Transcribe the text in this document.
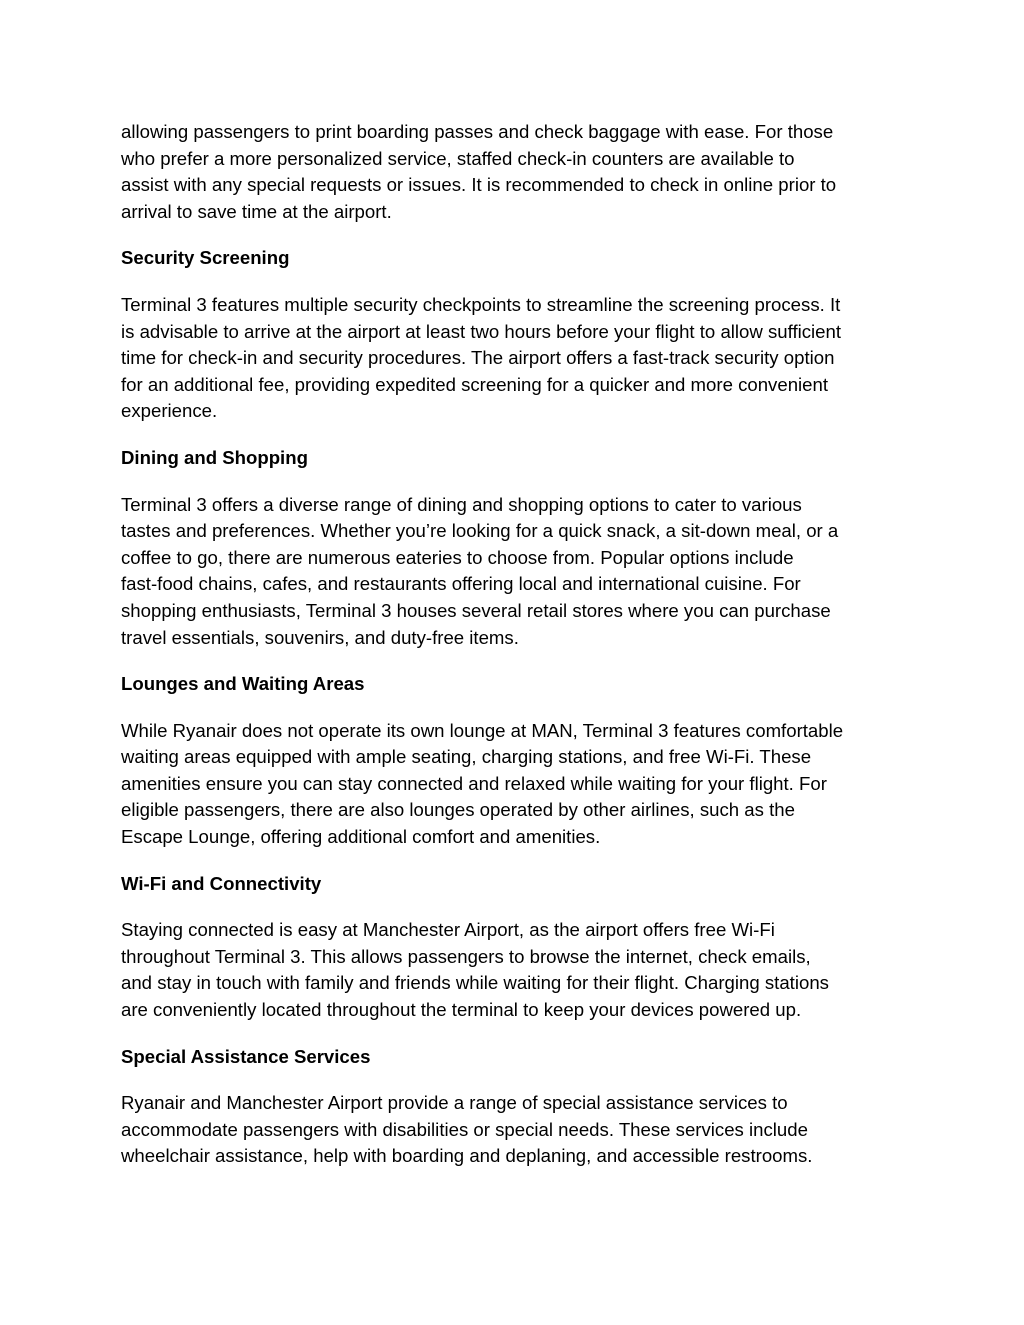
allowing passengers to print boarding passes and check baggage with ease. For those
who prefer a more personalized service, staffed check-in counters are available to
assist with any special requests or issues. It is recommended to check in online prior to
arrival to save time at the airport.
Security Screening
Terminal 3 features multiple security checkpoints to streamline the screening process. It
is advisable to arrive at the airport at least two hours before your flight to allow sufficient
time for check-in and security procedures. The airport offers a fast-track security option
for an additional fee, providing expedited screening for a quicker and more convenient
experience.
Dining and Shopping
Terminal 3 offers a diverse range of dining and shopping options to cater to various
tastes and preferences. Whether you’re looking for a quick snack, a sit-down meal, or a
coffee to go, there are numerous eateries to choose from. Popular options include
fast-food chains, cafes, and restaurants offering local and international cuisine. For
shopping enthusiasts, Terminal 3 houses several retail stores where you can purchase
travel essentials, souvenirs, and duty-free items.
Lounges and Waiting Areas
While Ryanair does not operate its own lounge at MAN, Terminal 3 features comfortable
waiting areas equipped with ample seating, charging stations, and free Wi-Fi. These
amenities ensure you can stay connected and relaxed while waiting for your flight. For
eligible passengers, there are also lounges operated by other airlines, such as the
Escape Lounge, offering additional comfort and amenities.
Wi-Fi and Connectivity
Staying connected is easy at Manchester Airport, as the airport offers free Wi-Fi
throughout Terminal 3. This allows passengers to browse the internet, check emails,
and stay in touch with family and friends while waiting for their flight. Charging stations
are conveniently located throughout the terminal to keep your devices powered up.
Special Assistance Services
Ryanair and Manchester Airport provide a range of special assistance services to
accommodate passengers with disabilities or special needs. These services include
wheelchair assistance, help with boarding and deplaning, and accessible restrooms.
